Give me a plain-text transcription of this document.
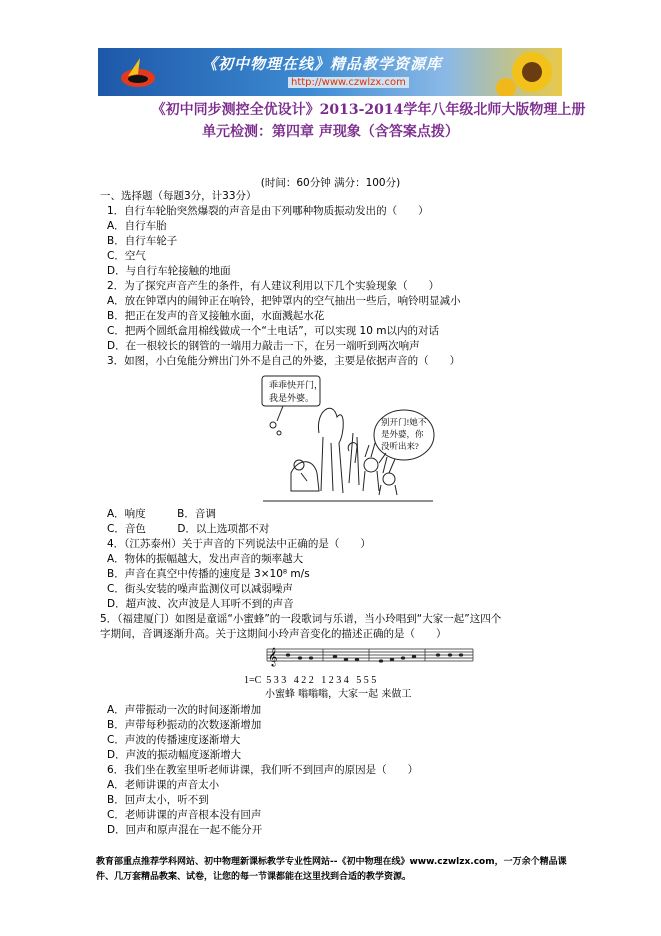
《初中物理在线》精品教学资源库
http://www.czwlzx.com
《初中同步测控全优设计》2013-2014学年八年级北师大版物理上册
单元检测：第四章 声现象（含答案点拨）
(时间：60分钟 满分：100分)
一、选择题（每题3分，计33分）
1．自行车轮胎突然爆裂的声音是由下列哪种物质振动发出的（　　）
A．自行车胎
B．自行车轮子
C．空气
D．与自行车轮接触的地面
2．为了探究声音产生的条件，有人建议利用以下几个实验现象（　　）
A．放在钟罩内的闹钟正在响铃，把钟罩内的空气抽出一些后，响铃明显减小
B．把正在发声的音叉接触水面，水面溅起水花
C．把两个圆纸盒用棉线做成一个“土电话”，可以实现 10 m以内的对话
D．在一根较长的钢管的一端用力敲击一下，在另一端听到两次响声
3．如图，小白兔能分辨出门外不是自己的外婆，主要是依据声音的（　　）
乖乖快开门，
我是外婆。
别开门!她不
是外婆，你
没听出来?
A．响度　　　B．音调
C．音色　　　D．以上选项都不对
4．（江苏泰州）关于声音的下列说法中正确的是（　　）
A．物体的振幅越大，发出声音的频率越大
B．声音在真空中传播的速度是 3×10⁸ m/s
C．街头安装的噪声监测仪可以减弱噪声
D．超声波、次声波是人耳听不到的声音
5．（福建厦门）如图是童谣“小蜜蜂”的一段歌词与乐谱，当小玲唱到“大家一起”这四个
字期间，音调逐渐升高。关于这期间小玲声音变化的描述正确的是（　　）
𝄞
1=C  5 3 3   4 2 2   1 2 3 4   5 5 5
小蜜蜂 嗡嗡嗡，大家一起 来做工
A．声带振动一次的时间逐渐增加
B．声带每秒振动的次数逐渐增加
C．声波的传播速度逐渐增大
D．声波的振动幅度逐渐增大
6．我们坐在教室里听老师讲课，我们听不到回声的原因是（　　）
A．老师讲课的声音太小
B．回声太小，听不到
C．老师讲课的声音根本没有回声
D．回声和原声混在一起不能分开
教育部重点推荐学科网站、初中物理新课标教学专业性网站--《初中物理在线》www.czwlzx.com，一万余个精品课
件、几万套精品教案、试卷，让您的每一节课都能在这里找到合适的教学资源。
